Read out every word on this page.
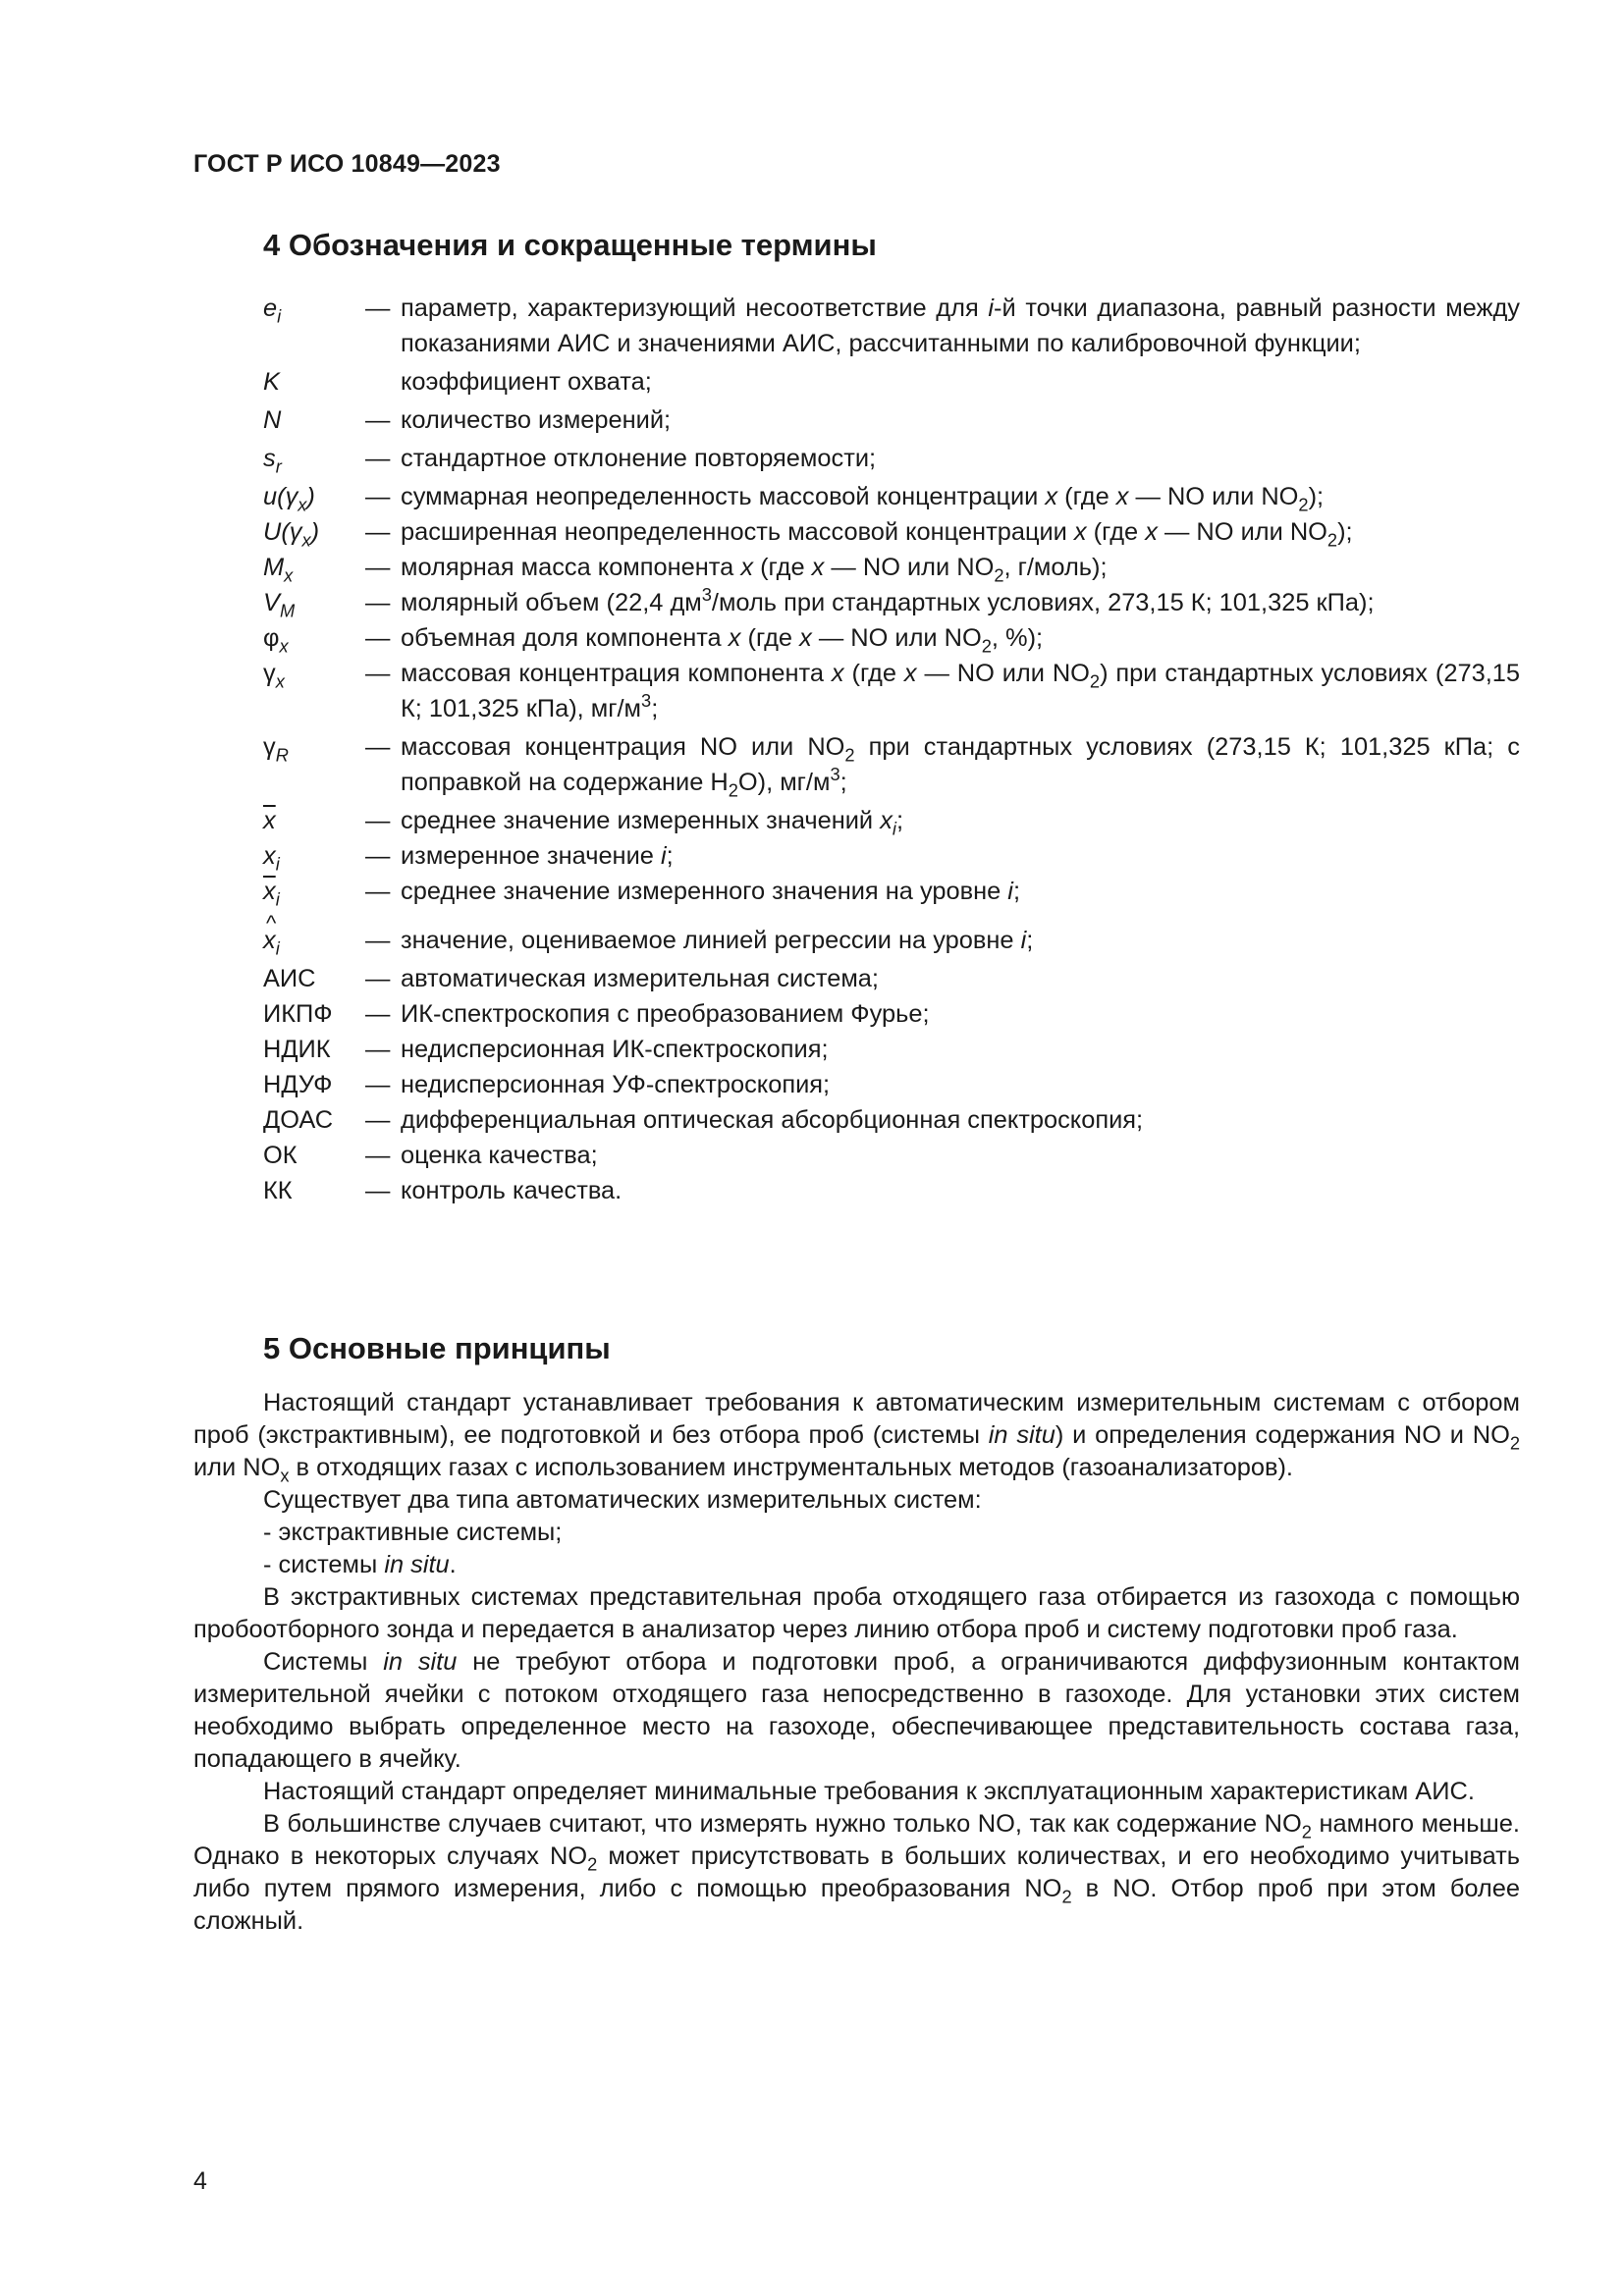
ГОСТ Р ИСО 10849—2023
4 Обозначения и сокращенные термины
$e_i$	— параметр, характеризующий несоответствие для i-й точки диапазона, равный разности между показаниями АИС и значениями АИС, рассчитанными по калибровочной функции;
K	коэффициент охвата;
N	— количество измерений;
$s_r$	— стандартное отклонение повторяемости;
$u(\gamma_x)$	— суммарная неопределенность массовой концентрации x (где x — NO или $NO_2$);
$U(\gamma_x)$	— расширенная неопределенность массовой концентрации x (где x — NO или $NO_2$);
$M_x$	— молярная масса компонента x (где x — NO или $NO_2$, г/моль);
$V_M$	— молярный объем (22,4 $дм^3$/моль при стандартных условиях, 273,15 К; 101,325 кПа);
$\varphi_x$	— объемная доля компонента x (где x — NO или $NO_2$, %);
$\gamma_x$	— массовая концентрация компонента x (где x — NO или $NO_2$) при стандартных условиях (273,15 К; 101,325 кПа), $мг/м^3$;
$\gamma_R$	— массовая концентрация NO или $NO_2$ при стандартных условиях (273,15 К; 101,325 кПа; с поправкой на содержание $H_2O$), $мг/м^3$;
$\overline{x}$	— среднее значение измеренных значений $x_i$;
$x_i$	— измеренное значение i;
$\overline{x}_i$	— среднее значение измеренного значения на уровне i;
^ $x_i$	— значение, оцениваемое линией регрессии на уровне i;
АИС	— автоматическая измерительная система;
ИКПФ	— ИК-спектроскопия с преобразованием Фурье;
НДИК	— недисперсионная ИК-спектроскопия;
НДУФ	— недисперсионная УФ-спектроскопия;
ДОАС	— дифференциальная оптическая абсорбционная спектроскопия;
ОК	— оценка качества;
КК	— контроль качества.
5 Основные принципы

Настоящий стандарт устанавливает требования к автоматическим измерительным системам с отбором проб (экстрактивным), ее подготовкой и без отбора проб (системы in situ) и определения содержания NO и $NO_2$ или $NO_x$ в отходящих газах с использованием инструментальных методов (газоанализаторов).

Существует два типа автоматических измерительных систем:

- экстрактивные системы;

- системы in situ.

В экстрактивных системах представительная проба отходящего газа отбирается из газохода с помощью пробоотборного зонда и передается в анализатор через линию отбора проб и систему подготовки проб газа.

Системы in situ не требуют отбора и подготовки проб, а ограничиваются диффузионным контактом измерительной ячейки с потоком отходящего газа непосредственно в газоходе. Для установки этих систем необходимо выбрать определенное место на газоходе, обеспечивающее представительность состава газа, попадающего в ячейку.

Настоящий стандарт определяет минимальные требования к эксплуатационным характеристикам АИС.

В большинстве случаев считают, что измерять нужно только NO, так как содержание $NO_2$ намного меньше. Однако в некоторых случаях $NO_2$ может присутствовать в больших количествах, и его необходимо учитывать либо путем прямого измерения, либо с помощью преобразования $NO_2$ в NO. Отбор проб при этом более сложный.

4
